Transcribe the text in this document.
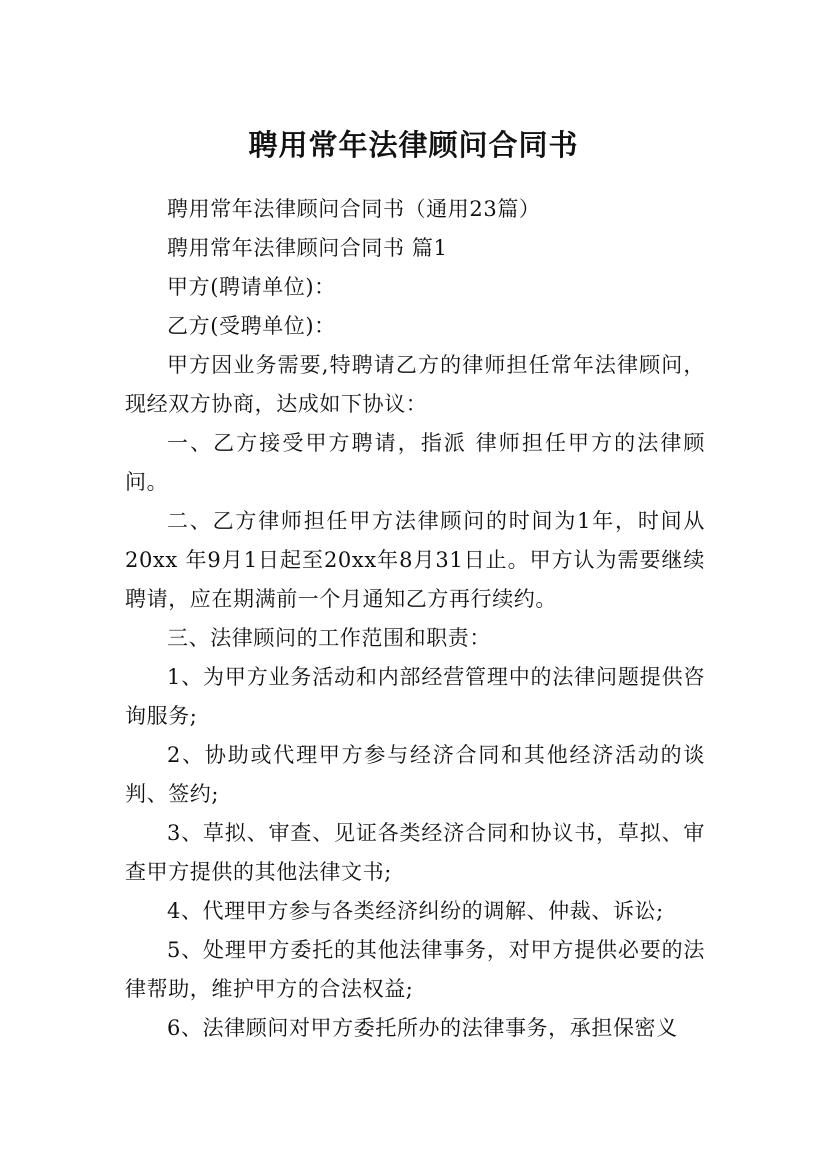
聘用常年法律顾问合同书

聘用常年法律顾问合同书（通用23篇）

聘用常年法律顾问合同书 篇1

甲方(聘请单位)：

乙方(受聘单位)：

甲方因业务需要,特聘请乙方的律师担任常年法律顾问，现经双方协商，达成如下协议：

一、乙方接受甲方聘请，指派 律师担任甲方的法律顾问。

二、乙方律师担任甲方法律顾问的时间为1年，时间从20xx 年9月1日起至20xx年8月31日止。甲方认为需要继续聘请，应在期满前一个月通知乙方再行续约。

三、法律顾问的工作范围和职责：

1、为甲方业务活动和内部经营管理中的法律问题提供咨询服务;

2、协助或代理甲方参与经济合同和其他经济活动的谈判、签约;

3、草拟、审查、见证各类经济合同和协议书，草拟、审查甲方提供的其他法律文书;

4、代理甲方参与各类经济纠纷的调解、仲裁、诉讼;

5、处理甲方委托的其他法律事务，对甲方提供必要的法律帮助，维护甲方的合法权益;

6、法律顾问对甲方委托所办的法律事务，承担保密义
